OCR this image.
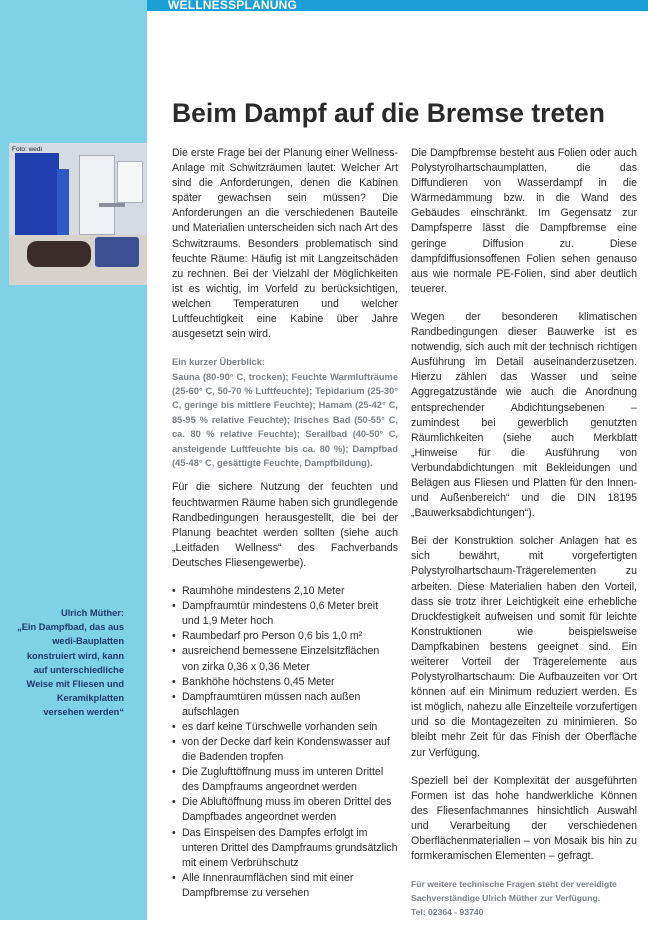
WELLNESSPLANUNG
Beim Dampf auf die Bremse treten
Foto: wedi
Ulrich Müther:
„Ein Dampfbad, das aus wedi-Bauplatten konstruiert wird, kann auf unterschiedliche Weise mit Fliesen und Keramikplatten versehen werden“

Die erste Frage bei der Planung einer Wellness-Anlage mit Schwitzräumen lautet: Welcher Art sind die Anforderungen, denen die Kabinen später gewachsen sein müssen? Die Anforderungen an die verschiedenen Bauteile und Materialien unterscheiden sich nach Art des Schwitzraums. Besonders problematisch sind feuchte Räume: Häufig ist mit Langzeitschäden zu rechnen. Bei der Vielzahl der Möglichkeiten ist es wichtig, im Vorfeld zu berücksichtigen, welchen Temperaturen und welcher Luftfeuchtigkeit eine Kabine über Jahre ausgesetzt sein wird.

Ein kurzer Überblick:
Sauna (80-90° C, trocken); Feuchte Warmlufträume (25-60° C, 50-70 % Luftfeuchte); Tepidarium (25-30° C, geringe bis mittlere Feuchte); Hamam (25-42° C, 85-95 % relative Feuchte); Irisches Bad (50-55° C, ca. 80 % relative Feuchte); Serailbad (40-50° C, ansteigende Luftfeuchte bis ca. 80 %); Dampfbad (45-48° C, gesättigte Feuchte, Dampfbildung).

Für die sichere Nutzung der feuchten und feuchtwarmen Räume haben sich grundlegende Randbedingungen herausgestellt, die bei der Planung beachtet werden sollten (siehe auch „Leitfaden Wellness“ des Fachverbands Deutsches Fliesengewerbe).

• Raumhöhe mindestens 2,10 Meter
• Dampfraumtür mindestens 0,6 Meter breit und 1,9 Meter hoch
• Raumbedarf pro Person 0,6 bis 1,0 m²
• ausreichend bemessene Einzelsitzflächen von zirka 0,36 x 0,36 Meter
• Bankhöhe höchstens 0,45 Meter
• Dampfraumtüren müssen nach außen aufschlagen
• es darf keine Türschwelle vorhanden sein
• von der Decke darf kein Kondenswasser auf die Badenden tropfen
• Die Zuglufttöffnung muss im unteren Drittel des Dampfraums angeordnet werden
• Die Abluftöffnung muss im oberen Drittel des Dampfbades angeordnet werden
• Das Einspeisen des Dampfes erfolgt im unteren Drittel des Dampfraums grundsätzlich mit einem Verbrühschutz
• Alle Innenraumflächen sind mit einer Dampfbremse zu versehen

Die Dampfbremse besteht aus Folien oder auch Polystyrolhartschaumplatten, die das Diffundieren von Wasserdampf in die Wärmedämmung bzw. in die Wand des Gebäudes einschränkt. Im Gegensatz zur Dampfsperre lässt die Dampfbremse eine geringe Diffusion zu. Diese dampfdiffusionsoffenen Folien sehen genauso aus wie normale PE-Folien, sind aber deutlich teuerer.

Wegen der besonderen klimatischen Randbedingungen dieser Bauwerke ist es notwendig, sich auch mit der technisch richtigen Ausführung im Detail auseinanderzusetzen. Hierzu zählen das Wasser und seine Aggregatzustände wie auch die Anordnung entsprechender Abdichtungsebenen – zumindest bei gewerblich genutzten Räumlichkeiten (siehe auch Merkblatt „Hinweise für die Ausführung von Verbundabdichtungen mit Bekleidungen und Belägen aus Fliesen und Platten für den Innen- und Außenbereich“ und die DIN 18195 „Bauwerksabdichtungen“).

Bei der Konstruktion solcher Anlagen hat es sich bewährt, mit vorgefertigten Polystyrolhartschaum-Trägerelementen zu arbeiten. Diese Materialien haben den Vorteil, dass sie trotz ihrer Leichtigkeit eine erhebliche Druckfestigkeit aufweisen und somit für leichte Konstruktionen wie beispielsweise Dampfkabinen bestens geeignet sind. Ein weiterer Vorteil der Trägerelemente aus Polystyrolhartschaum: Die Aufbauzeiten vor Ort können auf ein Minimum reduziert werden. Es ist möglich, nahezu alle Einzelteile vorzufertigen und so die Montagezeiten zu minimieren. So bleibt mehr Zeit für das Finish der Oberfläche zur Verfügung.

Speziell bei der Komplexität der ausgeführten Formen ist das hohe handwerkliche Können des Fliesenfachmannes hinsichtlich Auswahl und Verarbeitung der verschiedenen Oberflächenmaterialien – von Mosaik bis hin zu formkeramischen Elementen – gefragt.

Für weitere technische Fragen steht der vereidigte Sachverständige Ulrich Müther zur Verfügung.
Tel: 02364 - 93740
